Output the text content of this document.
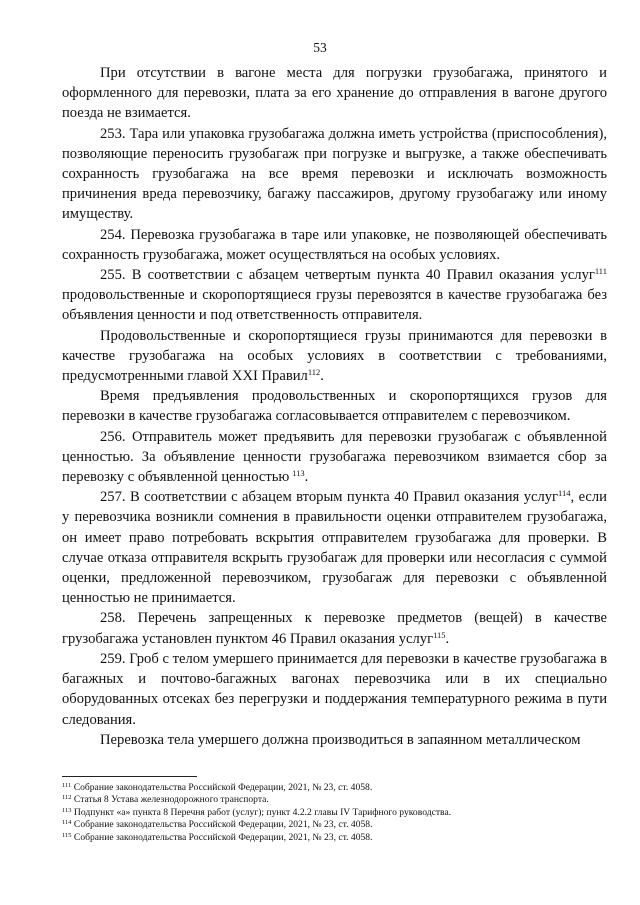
53

При отсутствии в вагоне места для погрузки грузобагажа, принятого и оформленного для перевозки, плата за его хранение до отправления в вагоне другого поезда не взимается.

253. Тара или упаковка грузобагажа должна иметь устройства (приспособления), позволяющие переносить грузобагаж при погрузке и выгрузке, а также обеспечивать сохранность грузобагажа на все время перевозки и исключать возможность причинения вреда перевозчику, багажу пассажиров, другому грузобагажу или иному имуществу.

254. Перевозка грузобагажа в таре или упаковке, не позволяющей обеспечивать сохранность грузобагажа, может осуществляться на особых условиях.

255. В соответствии с абзацем четвертым пункта 40 Правил оказания услуг$^{111}$ продовольственные и скоропортящиеся грузы перевозятся в качестве грузобагажа без объявления ценности и под ответственность отправителя.

Продовольственные и скоропортящиеся грузы принимаются для перевозки в качестве грузобагажа на особых условиях в соответствии с требованиями, предусмотренными главой XXI Правил$^{112}$.

Время предъявления продовольственных и скоропортящихся грузов для перевозки в качестве грузобагажа согласовывается отправителем с перевозчиком.

256. Отправитель может предъявить для перевозки грузобагаж с объявленной ценностью. За объявление ценности грузобагажа перевозчиком взимается сбор за перевозку с объявленной ценностью  $^{113}$.

257. В соответствии с абзацем вторым пункта 40 Правил оказания услуг$^{114}$, если у перевозчика возникли сомнения в правильности оценки отправителем грузобагажа, он имеет право потребовать вскрытия отправителем грузобагажа для проверки. В случае отказа отправителя вскрыть грузобагаж для проверки или несогласия с суммой оценки, предложенной перевозчиком, грузобагаж для перевозки с объявленной ценностью не принимается.

258. Перечень запрещенных к перевозке предметов (вещей) в качестве грузобагажа установлен пунктом 46 Правил оказания услуг$^{115}$.

259. Гроб с телом умершего принимается для перевозки в качестве грузобагажа в багажных и почтово-багажных вагонах перевозчика или в их специально оборудованных отсеках без перегрузки и поддержания температурного режима в пути следования.

Перевозка тела умершего должна производиться в запаянном металлическом

$^{111}$ Собрание законодательства Российской Федерации, 2021, № 23, ст. 4058.

$^{112}$ Статья 8 Устава железнодорожного транспорта.

$^{113}$ Подпункт «а» пункта 8 Перечня работ (услуг); пункт 4.2.2 главы IV Тарифного руководства.

$^{114}$ Собрание законодательства Российской Федерации, 2021, № 23, ст. 4058.

$^{115}$ Собрание законодательства Российской Федерации, 2021, № 23, ст. 4058.
